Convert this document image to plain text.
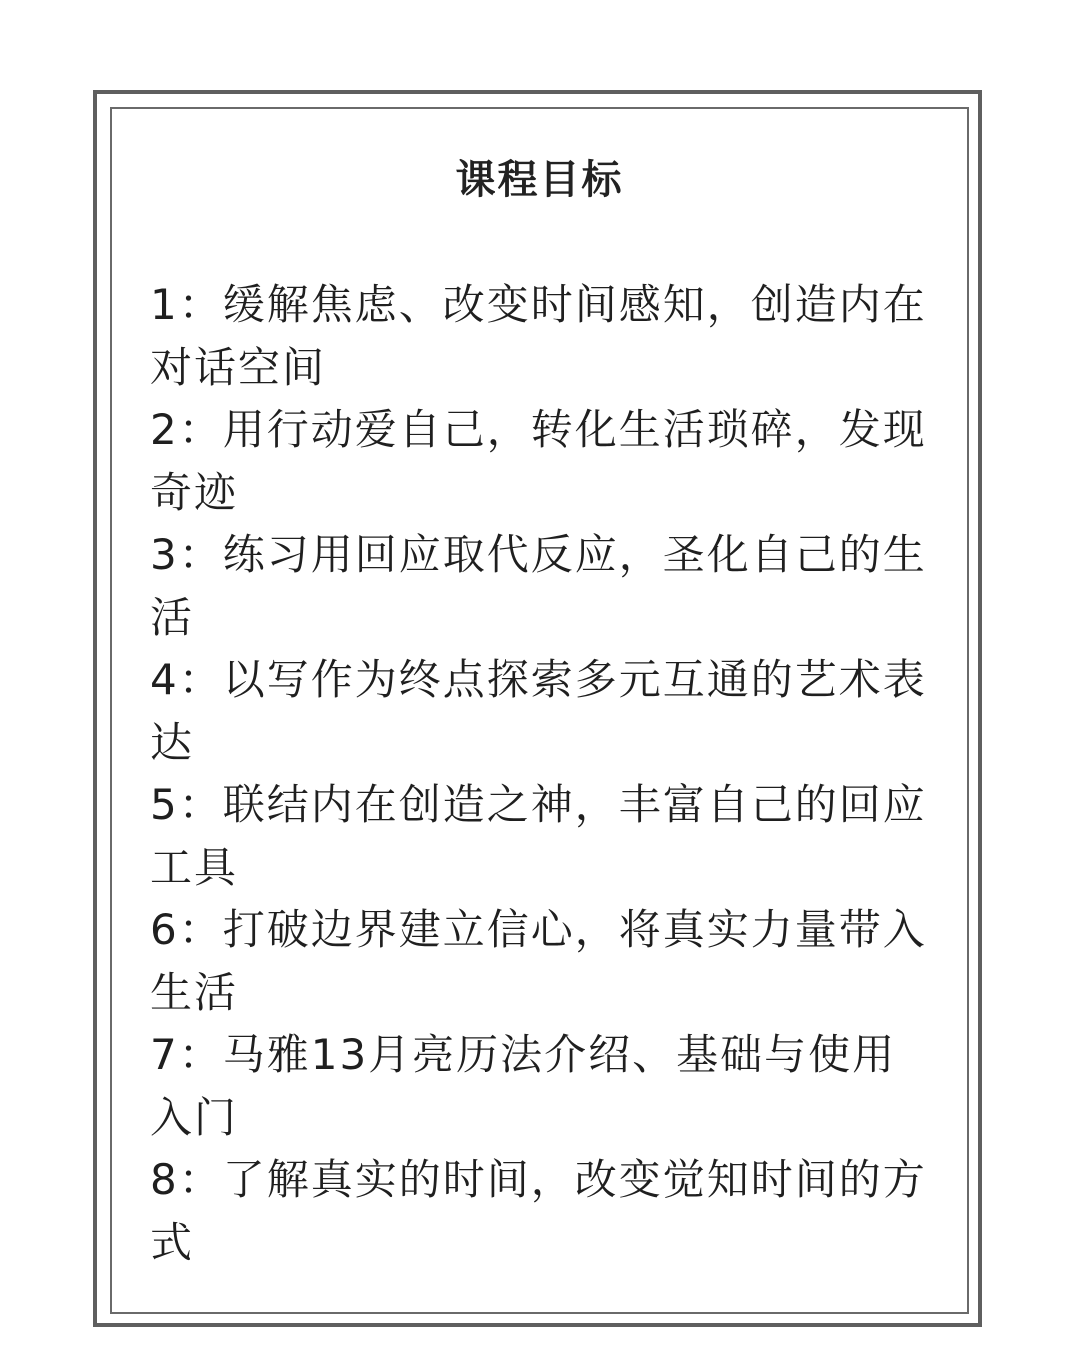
课程目标
1：缓解焦虑、改变时间感知，创造内在对话空间
2：用行动爱自己，转化生活琐碎，发现奇迹
3：练习用回应取代反应，圣化自己的生活
4：以写作为终点探索多元互通的艺术表达
5：联结内在创造之神，丰富自己的回应工具
6：打破边界建立信心，将真实力量带入生活
7：马雅13月亮历法介绍、基础与使用入门
8：了解真实的时间，改变觉知时间的方式
